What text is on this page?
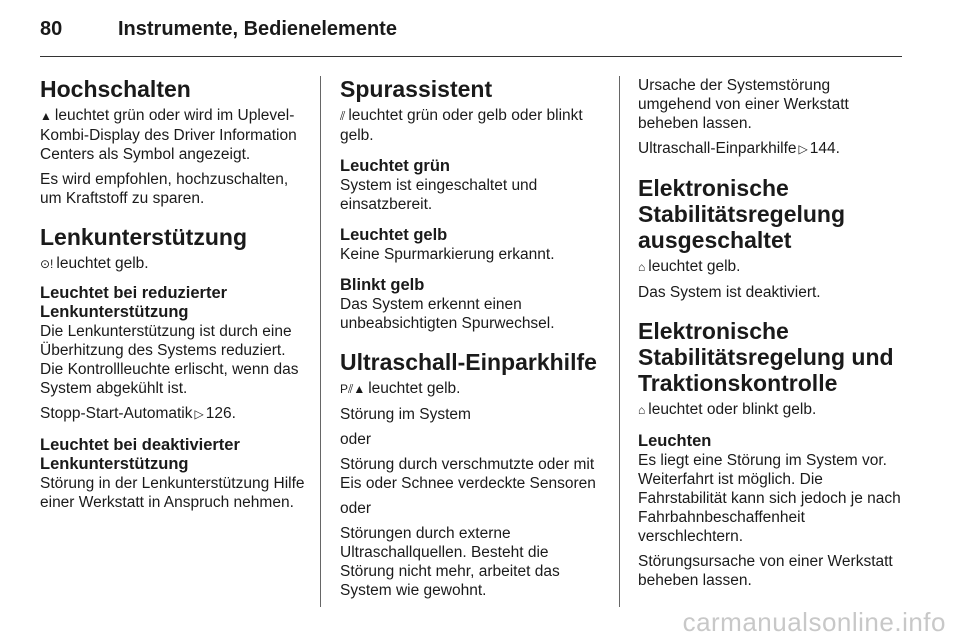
80	Instrumente, Bedienelemente
Hochschalten

▲ leuchtet grün oder wird im Uplevel-Kombi-Display des Driver Information Centers als Symbol angezeigt.

Es wird empfohlen, hochzuschalten, um Kraftstoff zu sparen.

Lenkunterstützung

⊙! leuchtet gelb.

Leuchtet bei reduzierter Lenkunterstützung

Die Lenkunterstützung ist durch eine Überhitzung des Systems reduziert. Die Kontrollleuchte erlischt, wenn das System abgekühlt ist.

Stopp-Start-Automatik ▷ 126.

Leuchtet bei deaktivierter Lenkunterstützung

Störung in der Lenkunterstützung Hilfe einer Werkstatt in Anspruch nehmen.

Spurassistent

⫽ leuchtet grün oder gelb oder blinkt gelb.

Leuchtet grün

System ist eingeschaltet und einsatzbereit.

Leuchtet gelb

Keine Spurmarkierung erkannt.

Blinkt gelb

Das System erkennt einen unbeabsichtigten Spurwechsel.

Ultraschall-Einparkhilfe

P⫽▲ leuchtet gelb.

Störung im System

oder

Störung durch verschmutzte oder mit Eis oder Schnee verdeckte Sensoren

oder

Störungen durch externe Ultraschallquellen. Besteht die Störung nicht mehr, arbeitet das System wie gewohnt.

Ursache der Systemstörung umgehend von einer Werkstatt beheben lassen.

Ultraschall-Einparkhilfe ▷ 144.

Elektronische Stabilitätsregelung ausgeschaltet

⌂ leuchtet gelb.

Das System ist deaktiviert.

Elektronische Stabilitätsregelung und Traktionskontrolle

⌂ leuchtet oder blinkt gelb.

Leuchten

Es liegt eine Störung im System vor. Weiterfahrt ist möglich. Die Fahrstabilität kann sich jedoch je nach Fahrbahnbeschaffenheit verschlechtern.

Störungsursache von einer Werkstatt beheben lassen.

carmanualsonline.info
